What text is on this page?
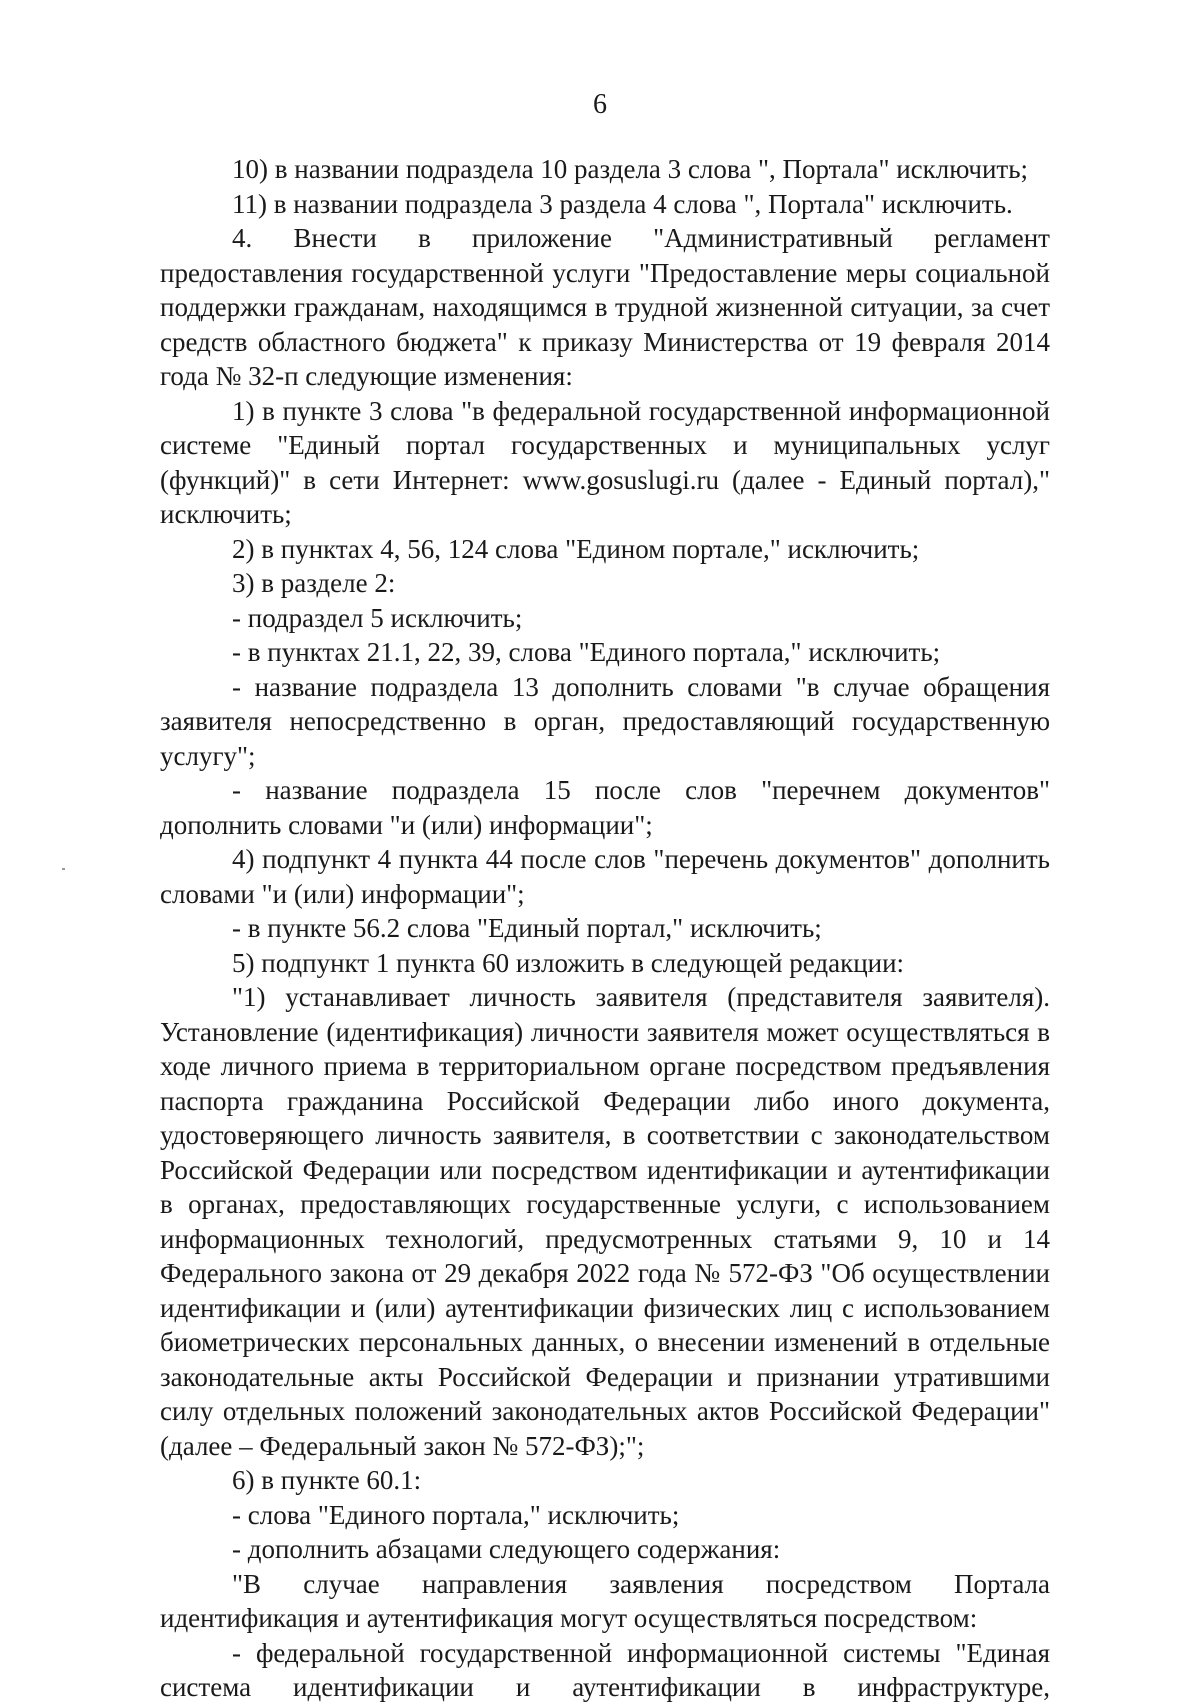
6

10) в названии подраздела 10 раздела 3 слова ", Портала" исключить;

11) в названии подраздела 3 раздела 4 слова ", Портала" исключить.

4. Внести в приложение "Административный регламент предоставления государственной услуги "Предоставление меры социальной поддержки гражданам, находящимся в трудной жизненной ситуации, за счет средств областного бюджета" к приказу Министерства от 19 февраля 2014 года № 32-п следующие изменения:

1) в пункте 3 слова "в федеральной государственной информационной системе "Единый портал государственных и муниципальных услуг (функций)" в сети Интернет: www.gosuslugi.ru (далее - Единый портал)," исключить;

2) в пунктах 4, 56, 124 слова "Едином портале," исключить;

3) в разделе 2:

- подраздел 5 исключить;

- в пунктах 21.1, 22, 39, слова "Единого портала," исключить;

- название подраздела 13 дополнить словами "в случае обращения заявителя непосредственно в орган, предоставляющий государственную услугу";

- название подраздела 15 после слов "перечнем документов" дополнить словами "и (или) информации";

4) подпункт 4 пункта 44 после слов "перечень документов" дополнить словами "и (или) информации";

- в пункте 56.2 слова "Единый портал," исключить;

5) подпункт 1 пункта 60 изложить в следующей редакции:

"1) устанавливает личность заявителя (представителя заявителя). Установление (идентификация) личности заявителя может осуществляться в ходе личного приема в территориальном органе посредством предъявления паспорта гражданина Российской Федерации либо иного документа, удостоверяющего личность заявителя, в соответствии с законодательством Российской Федерации или посредством идентификации и аутентификации в органах, предоставляющих государственные услуги, с использованием информационных технологий, предусмотренных статьями 9, 10 и 14 Федерального закона от 29 декабря 2022 года № 572-ФЗ "Об осуществлении идентификации и (или) аутентификации физических лиц с использованием биометрических персональных данных, о внесении изменений в отдельные законодательные акты Российской Федерации и признании утратившими силу отдельных положений законодательных актов Российской Федерации" (далее – Федеральный закон № 572-ФЗ);";

6) в пункте 60.1:

- слова "Единого портала," исключить;

- дополнить абзацами следующего содержания:

"В случае направления заявления посредством Портала идентификация и аутентификация могут осуществляться посредством:

- федеральной государственной информационной системы "Единая система идентификации и аутентификации в инфраструктуре,
